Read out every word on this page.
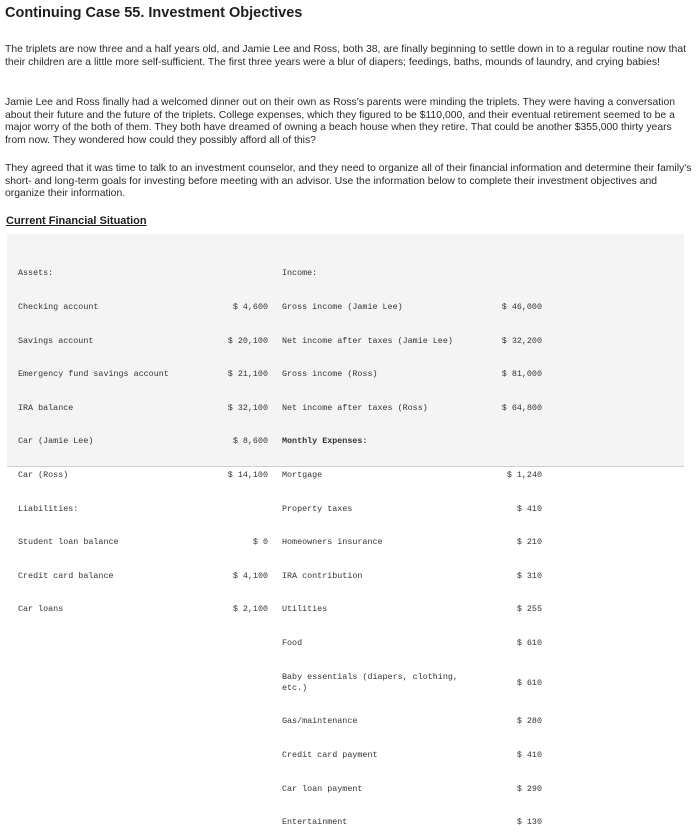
Continuing Case 55. Investment Objectives
The triplets are now three and a half years old, and Jamie Lee and Ross, both 38, are finally beginning to settle down in to a regular routine now that their children are a little more self-sufficient. The first three years were a blur of diapers; feedings, baths, mounds of laundry, and crying babies!
Jamie Lee and Ross finally had a welcomed dinner out on their own as Ross's parents were minding the triplets. They were having a conversation about their future and the future of the triplets. College expenses, which they figured to be $110,000, and their eventual retirement seemed to be a major worry of the both of them. They both have dreamed of owning a beach house when they retire. That could be another $355,000 thirty years from now. They wondered how could they possibly afford all of this?
They agreed that it was time to talk to an investment counselor, and they need to organize all of their financial information and determine their family's short- and long-term goals for investing before meeting with an advisor. Use the information below to complete their investment objectives and organize their information.
Current Financial Situation

Assets:

Checking account

Savings account

Emergency fund savings account

IRA balance

Car (Jamie Lee)

Car (Ross)

Liabilities:

Student loan balance

Credit card balance

Car loans

$ 4,600

$ 20,100

$ 21,100

$ 32,100

$ 8,600

$ 14,100

$ 0

$ 4,100

$ 2,100

Income:

Gross income (Jamie Lee)

Net income after taxes (Jamie Lee)

Gross income (Ross)

Net income after taxes (Ross)

Monthly Expenses:

Mortgage

Property taxes

Homeowners insurance

IRA contribution

Utilities

Food

Baby essentials (diapers, clothing,
etc.)

Gas/maintenance

Credit card payment

Car loan payment

Entertainment

$ 46,000

$ 32,200

$ 81,000

$ 64,800

$ 1,240

$ 410

$ 210

$ 310

$ 255

$ 610

$ 610

$ 280

$ 410

$ 290

$ 130
